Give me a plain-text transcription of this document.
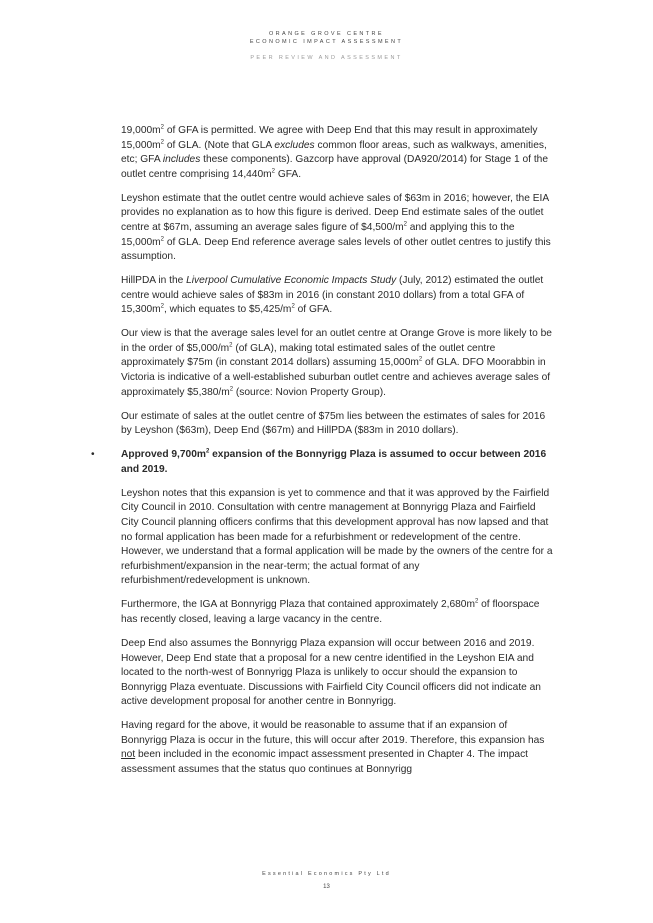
ORANGE GROVE CENTRE
ECONOMIC IMPACT ASSESSMENT
PEER REVIEW AND ASSESSMENT

$19,000m^2$ of GFA is permitted. We agree with Deep End that this may result in approximately $15,000m^2$ of GLA. (Note that GLA excludes common floor areas, such as walkways, amenities, etc; GFA includes these components). Gazcorp have approval (DA920/2014) for Stage 1 of the outlet centre comprising $14,440m^2$ GFA.

Leyshon estimate that the outlet centre would achieve sales of $63m in 2016; however, the EIA provides no explanation as to how this figure is derived. Deep End estimate sales of the outlet centre at $67m, assuming an average sales figure of $\$4,500/m^2$ and applying this to the $15,000m^2$ of GLA. Deep End reference average sales levels of other outlet centres to justify this assumption.

HillPDA in the Liverpool Cumulative Economic Impacts Study (July, 2012) estimated the outlet centre would achieve sales of $83m in 2016 (in constant 2010 dollars) from a total GFA of $15,300m^2$, which equates to $\$5,425/m^2$ of GFA.

Our view is that the average sales level for an outlet centre at Orange Grove is more likely to be in the order of $\$5,000/m^2$ (of GLA), making total estimated sales of the outlet centre approximately $75m (in constant 2014 dollars) assuming $15,000m^2$ of GLA. DFO Moorabbin in Victoria is indicative of a well-established suburban outlet centre and achieves average sales of approximately $\$5,380/m^2$ (source: Novion Property Group).

Our estimate of sales at the outlet centre of $75m lies between the estimates of sales for 2016 by Leyshon ($63m), Deep End ($67m) and HillPDA ($83m in 2010 dollars).

•	Approved $9,700m^2$ expansion of the Bonnyrigg Plaza is assumed to occur between 2016 and 2019.

Leyshon notes that this expansion is yet to commence and that it was approved by the Fairfield City Council in 2010. Consultation with centre management at Bonnyrigg Plaza and Fairfield City Council planning officers confirms that this development approval has now lapsed and that no formal application has been made for a refurbishment or redevelopment of the centre. However, we understand that a formal application will be made by the owners of the centre for a refurbishment/expansion in the near-term; the actual format of any refurbishment/redevelopment is unknown.

Furthermore, the IGA at Bonnyrigg Plaza that contained approximately $2,680m^2$ of floorspace has recently closed, leaving a large vacancy in the centre.

Deep End also assumes the Bonnyrigg Plaza expansion will occur between 2016 and 2019. However, Deep End state that a proposal for a new centre identified in the Leyshon EIA and located to the north-west of Bonnyrigg Plaza is unlikely to occur should the expansion to Bonnyrigg Plaza eventuate. Discussions with Fairfield City Council officers did not indicate an active development proposal for another centre in Bonnyrigg.

Having regard for the above, it would be reasonable to assume that if an expansion of Bonnyrigg Plaza is occur in the future, this will occur after 2019. Therefore, this expansion has not been included in the economic impact assessment presented in Chapter 4. The impact assessment assumes that the status quo continues at Bonnyrigg

Essential Economics Pty Ltd
13
